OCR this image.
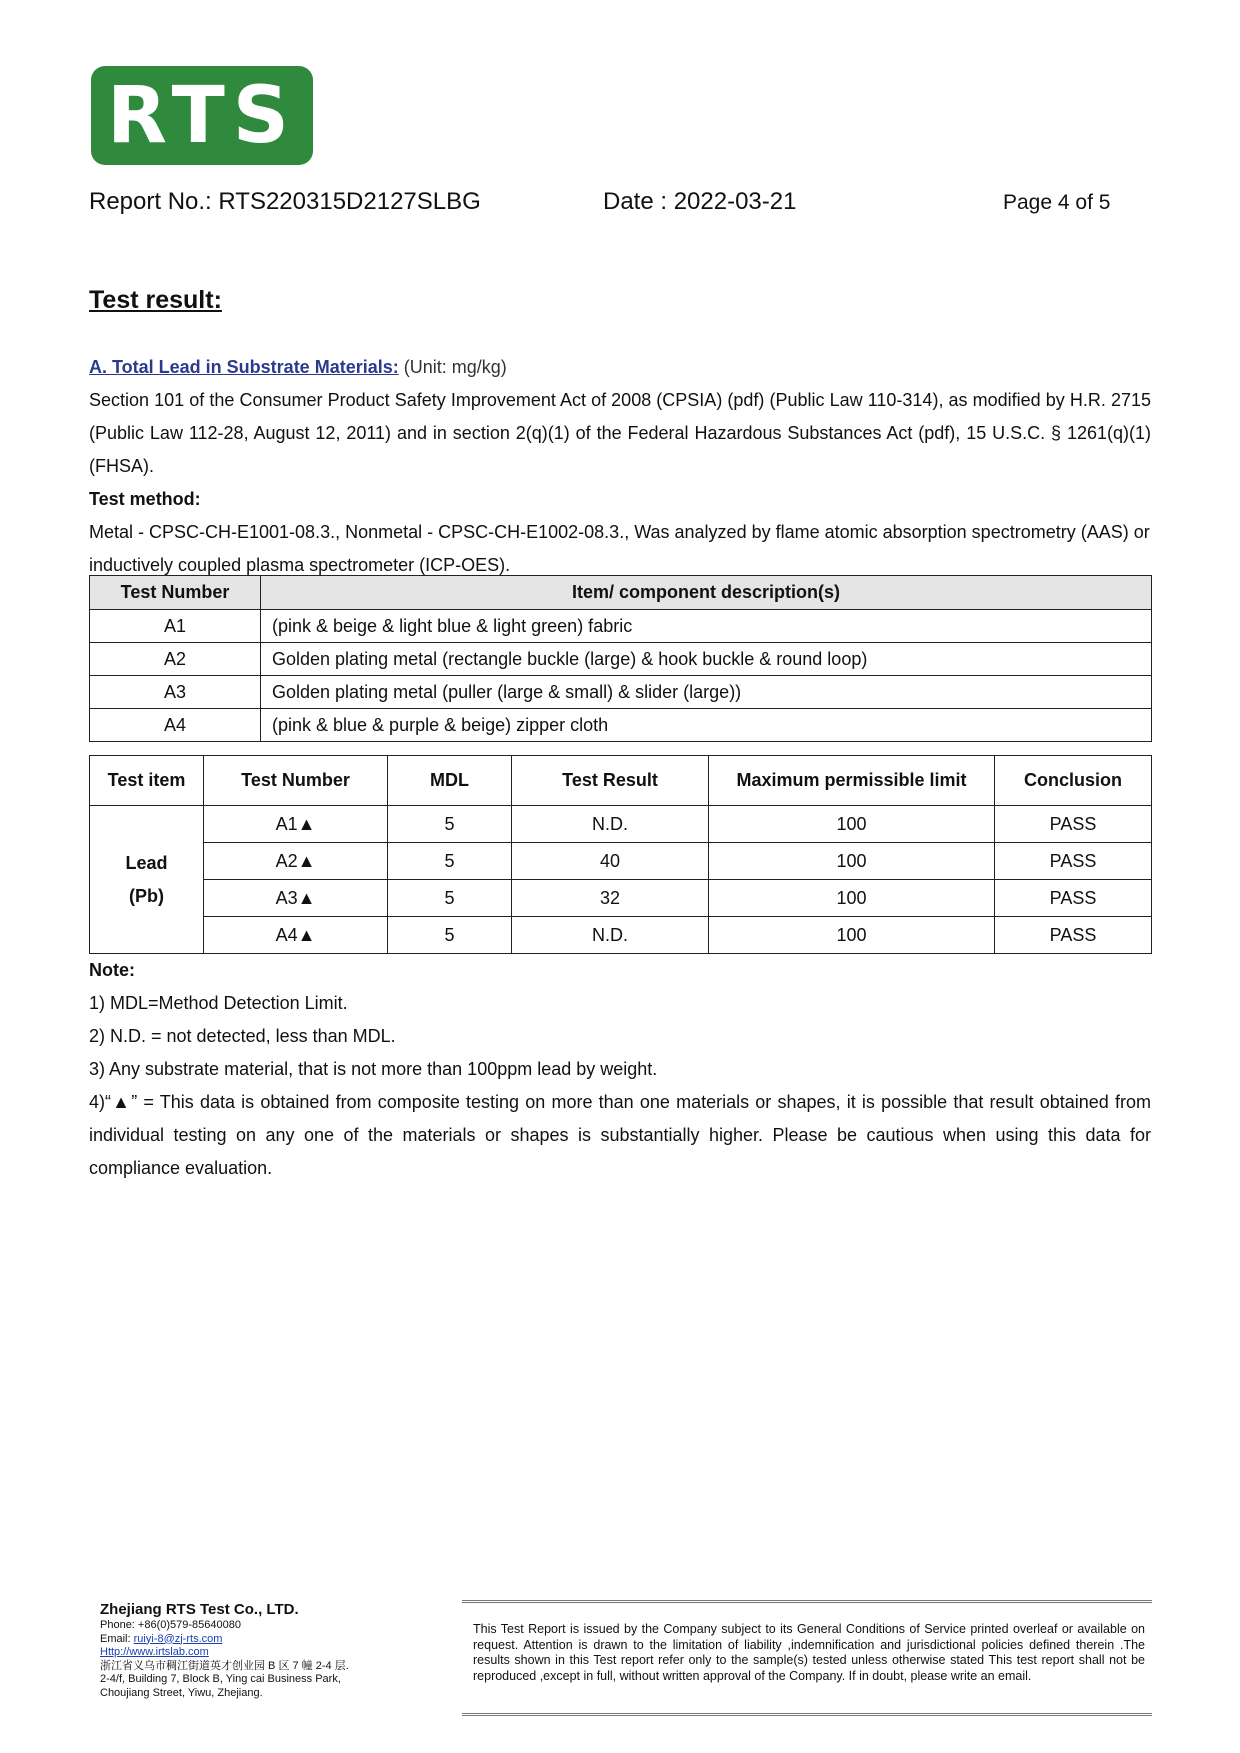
RTS
Report No.: RTS220315D2127SLBG	Date : 2022-03-21	Page 4 of 5
Test result:
A. Total Lead in Substrate Materials: (Unit: mg/kg)
Section 101 of the Consumer Product Safety Improvement Act of 2008 (CPSIA) (pdf) (Public Law 110-314), as modified by H.R. 2715 (Public Law 112-28, August 12, 2011) and in section 2(q)(1) of the Federal Hazardous Substances Act (pdf), 15 U.S.C. § 1261(q)(1) (FHSA).
Test method:
Metal - CPSC-CH-E1001-08.3., Nonmetal - CPSC-CH-E1002-08.3., Was analyzed by flame atomic absorption spectrometry (AAS) or inductively coupled plasma spectrometer (ICP-OES).
Test Number	Item/ component description(s)
A1	(pink & beige & light blue & light green) fabric
A2	Golden plating metal (rectangle buckle (large) & hook buckle & round loop)
A3	Golden plating metal (puller (large & small) & slider (large))
A4	(pink & blue & purple & beige) zipper cloth
Test item	Test Number	MDL	Test Result	Maximum permissible limit	Conclusion

Lead
(Pb)	A1▲	5	N.D.	100	PASS
	A2▲	5	40	100	PASS
	A3▲	5	32	100	PASS
	A4▲	5	N.D.	100	PASS
Note:
1) MDL=Method Detection Limit.
2) N.D. = not detected, less than MDL.
3) Any substrate material, that is not more than 100ppm lead by weight.
4)“▲” = This data is obtained from composite testing on more than one materials or shapes, it is possible that result obtained from individual testing on any one of the materials or shapes is substantially higher. Please be cautious when using this data for compliance evaluation.
Zhejiang RTS Test Co., LTD.
Phone: +86(0)579-85640080
Email: ruiyi-8@zj-rts.com
Http://www.irtslab.com
浙江省义乌市稠江街道英才创业园 B 区 7 幢 2-4 层.
2-4/f, Building 7, Block B, Ying cai Business Park,
Choujiang Street, Yiwu, Zhejiang.
This Test Report is issued by the Company subject to its General Conditions of Service printed overleaf or available on request. Attention is drawn to the limitation of liability ,indemnification and jurisdictional policies defined therein .The results shown in this Test report refer only to the sample(s) tested unless otherwise stated This test report shall not be reproduced ,except in full, without written approval of the Company. If in doubt, please write an email.
